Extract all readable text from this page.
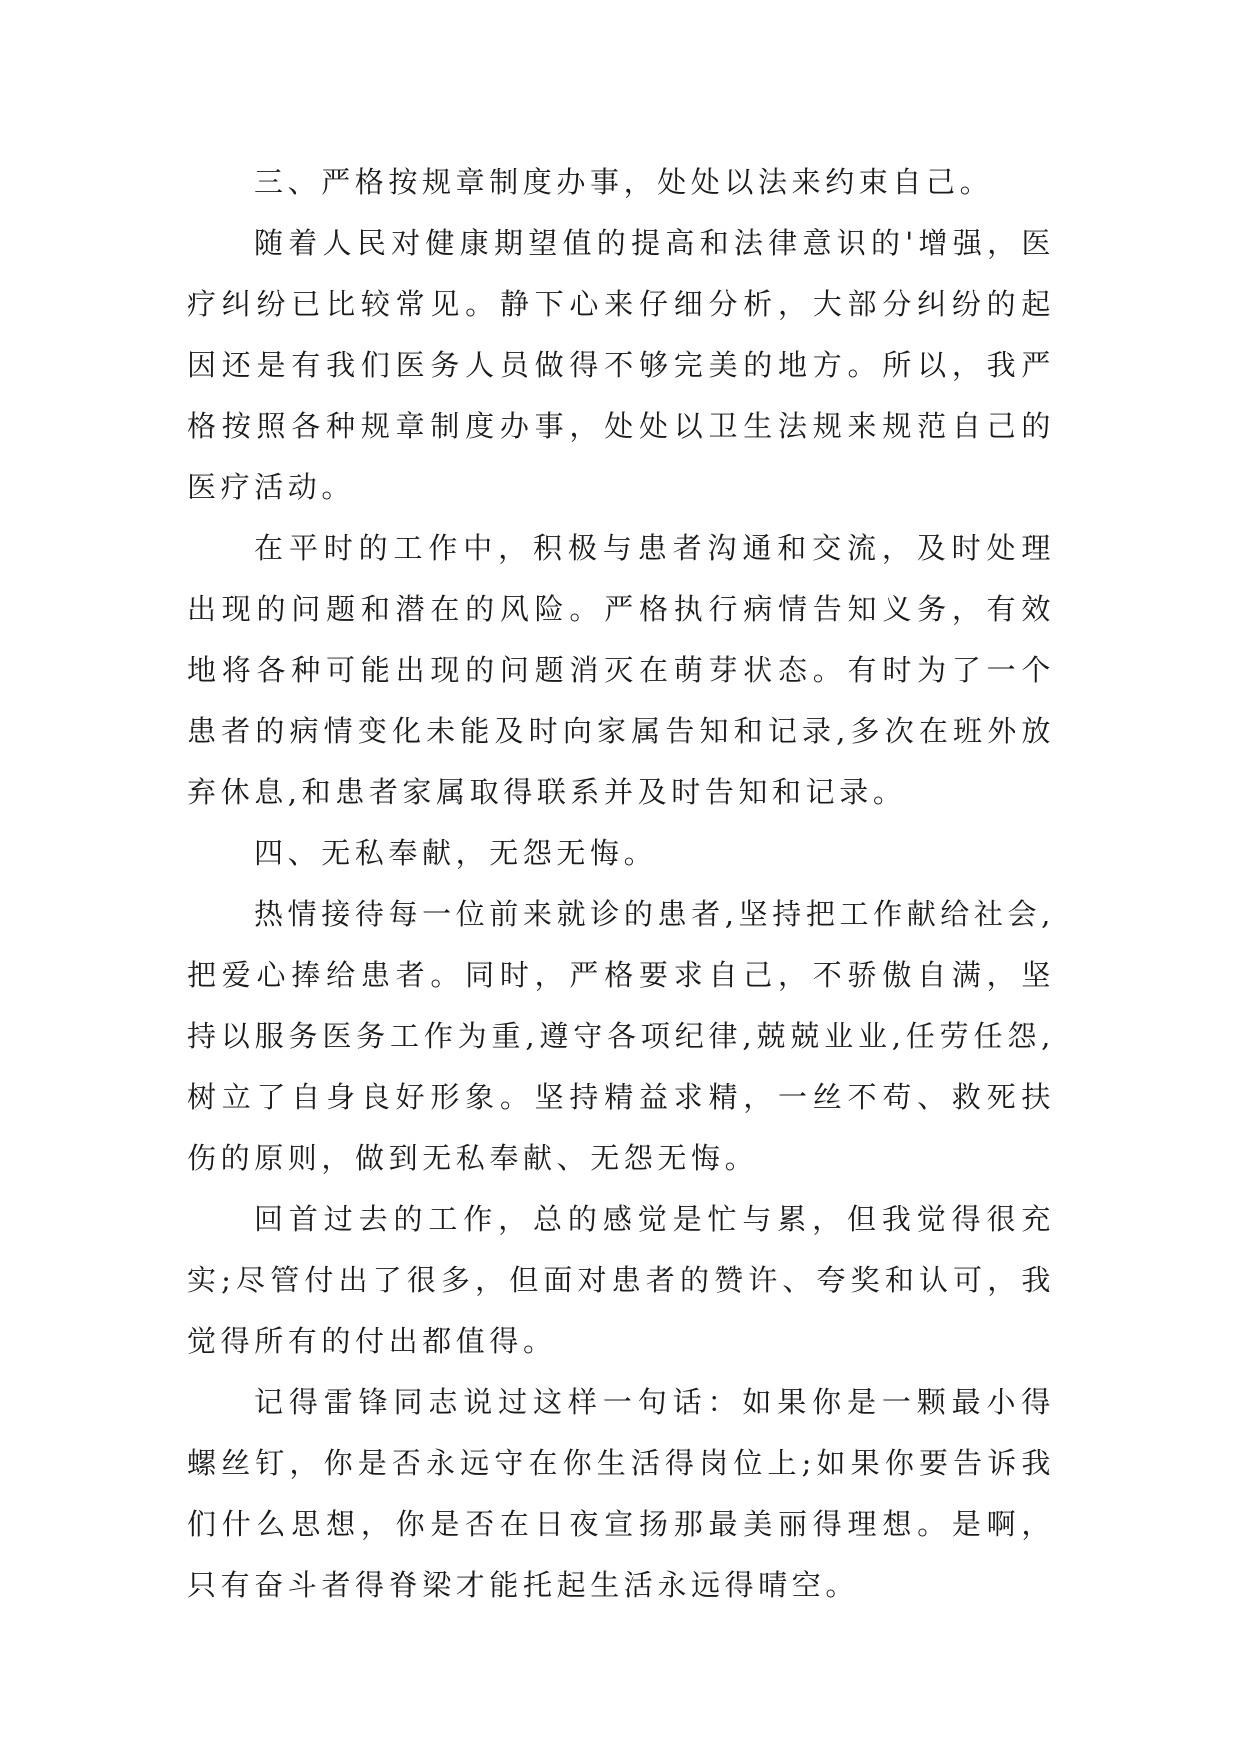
三、严格按规章制度办事，处处以法来约束自己。

随着人民对健康期望值的提高和法律意识的'增强，医疗纠纷已比较常见。静下心来仔细分析，大部分纠纷的起因还是有我们医务人员做得不够完美的地方。所以，我严格按照各种规章制度办事，处处以卫生法规来规范自己的医疗活动。

在平时的工作中，积极与患者沟通和交流，及时处理出现的问题和潜在的风险。严格执行病情告知义务，有效地将各种可能出现的问题消灭在萌芽状态。有时为了一个患者的病情变化未能及时向家属告知和记录,多次在班外放弃休息,和患者家属取得联系并及时告知和记录。

四、无私奉献，无怨无悔。

热情接待每一位前来就诊的患者,坚持把工作献给社会,把爱心捧给患者。同时，严格要求自己，不骄傲自满，坚持以服务医务工作为重,遵守各项纪律,兢兢业业,任劳任怨,树立了自身良好形象。坚持精益求精，一丝不苟、救死扶伤的原则，做到无私奉献、无怨无悔。

回首过去的工作，总的感觉是忙与累，但我觉得很充实;尽管付出了很多，但面对患者的赞许、夸奖和认可，我觉得所有的付出都值得。

记得雷锋同志说过这样一句话：如果你是一颗最小得螺丝钉，你是否永远守在你生活得岗位上;如果你要告诉我们什么思想，你是否在日夜宣扬那最美丽得理想。是啊，只有奋斗者得脊梁才能托起生活永远得晴空。
